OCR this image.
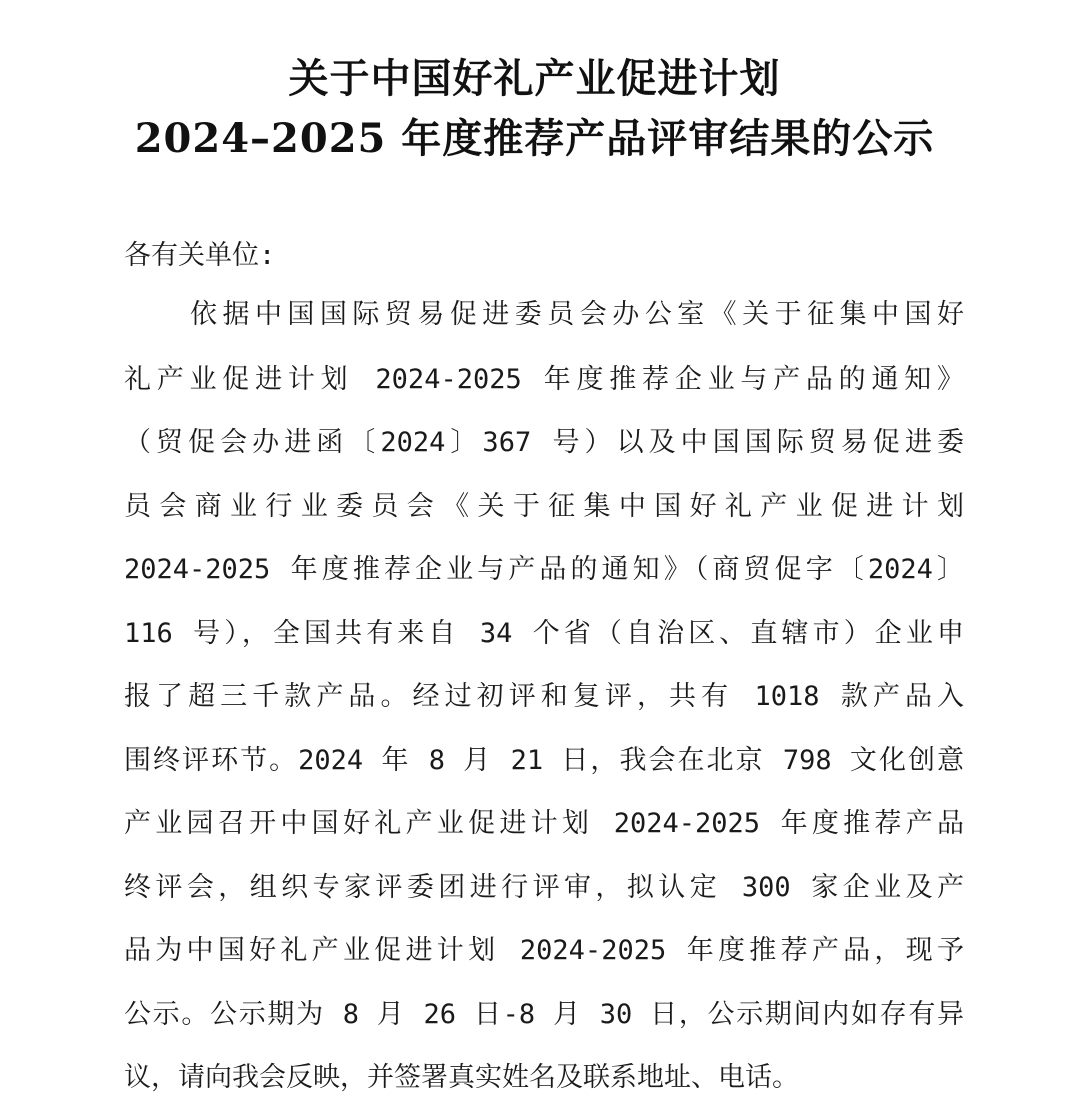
关于中国好礼产业促进计划
2024–2025 年度推荐产品评审结果的公示
各有关单位:
依据中国国际贸易促进委员会办公室《关于征集中国好
礼产业促进计划 2024-2025 年度推荐企业与产品的通知》
（贸促会办进函〔2024〕367 号）以及中国国际贸易促进委
员会商业行业委员会《关于征集中国好礼产业促进计划
2024-2025 年度推荐企业与产品的通知》（商贸促字〔2024〕
116 号），全国共有来自 34 个省（自治区、直辖市）企业申
报了超三千款产品。经过初评和复评，共有 1018 款产品入
围终评环节。2024 年 8 月 21 日，我会在北京 798 文化创意
产业园召开中国好礼产业促进计划 2024-2025 年度推荐产品
终评会，组织专家评委团进行评审，拟认定 300 家企业及产
品为中国好礼产业促进计划 2024-2025 年度推荐产品，现予
公示。公示期为 8 月 26 日-8 月 30 日，公示期间内如存有异
议，请向我会反映，并签署真实姓名及联系地址、电话。
